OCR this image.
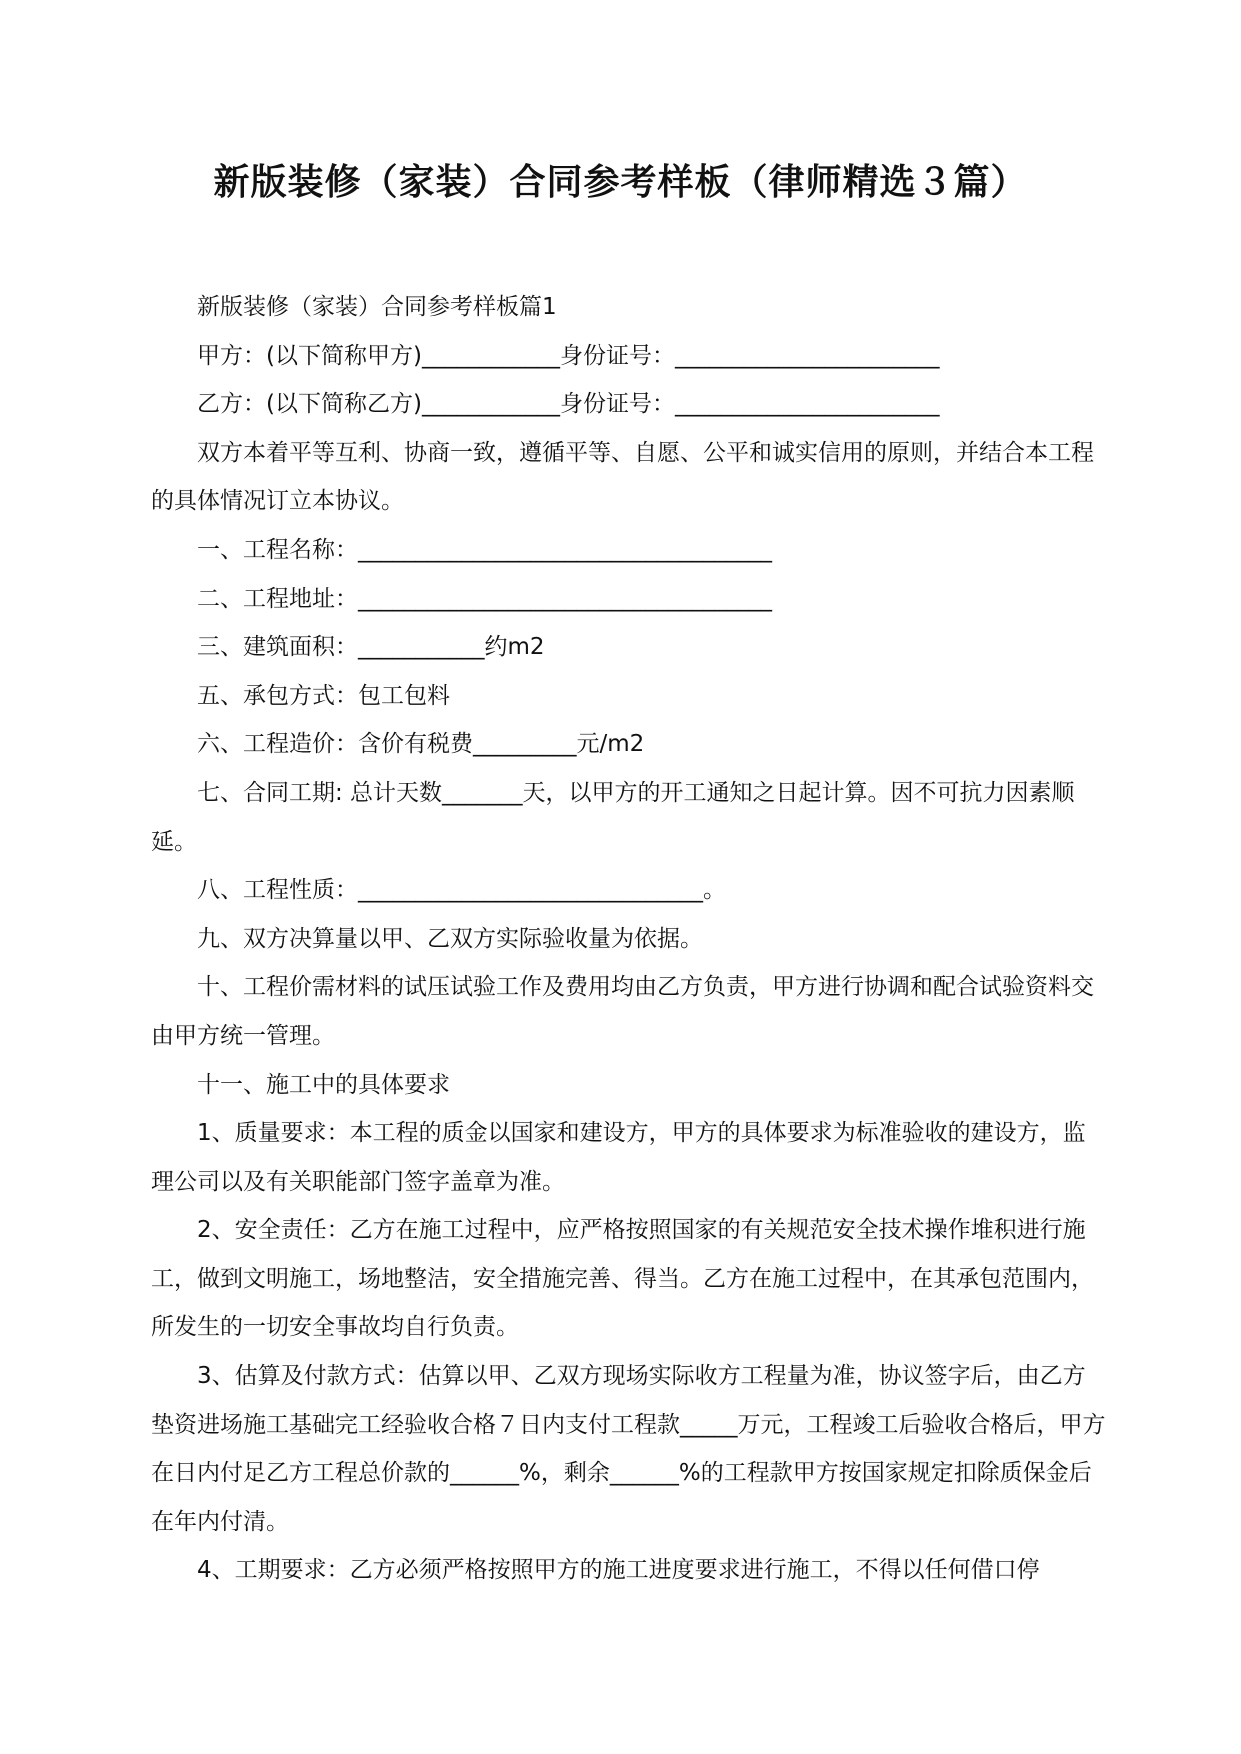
新版装修（家装）合同参考样板（律师精选３篇）

新版装修（家装）合同参考样板篇1

甲方：(以下简称甲方)____________身份证号：_______________________

乙方：(以下简称乙方)____________身份证号：_______________________

双方本着平等互利、协商一致，遵循平等、自愿、公平和诚实信用的原则，并结合本工程的具体情况订立本协议。

一、工程名称：____________________________________

二、工程地址：____________________________________

三、建筑面积：___________约m2

五、承包方式：包工包料

六、工程造价：含价有税费_________元/m2

七、合同工期: 总计天数_______天，以甲方的开工通知之日起计算。因不可抗力因素顺延。

八、工程性质：______________________________。

九、双方决算量以甲、乙双方实际验收量为依据。

十、工程价需材料的试压试验工作及费用均由乙方负责，甲方进行协调和配合试验资料交由甲方统一管理。

十一、施工中的具体要求

1、质量要求：本工程的质金以国家和建设方，甲方的具体要求为标准验收的建设方，监理公司以及有关职能部门签字盖章为准。

2、安全责任：乙方在施工过程中，应严格按照国家的有关规范安全技术操作堆积进行施工，做到文明施工，场地整洁，安全措施完善、得当。乙方在施工过程中，在其承包范围内，所发生的一切安全事故均自行负责。

3、估算及付款方式：估算以甲、乙双方现场实际收方工程量为准，协议签字后，由乙方垫资进场施工基础完工经验收合格７日内支付工程款_____万元，工程竣工后验收合格后，甲方在日内付足乙方工程总价款的______%，剩余______%的工程款甲方按国家规定扣除质保金后在年内付清。

4、工期要求：乙方必须严格按照甲方的施工进度要求进行施工，不得以任何借口停
